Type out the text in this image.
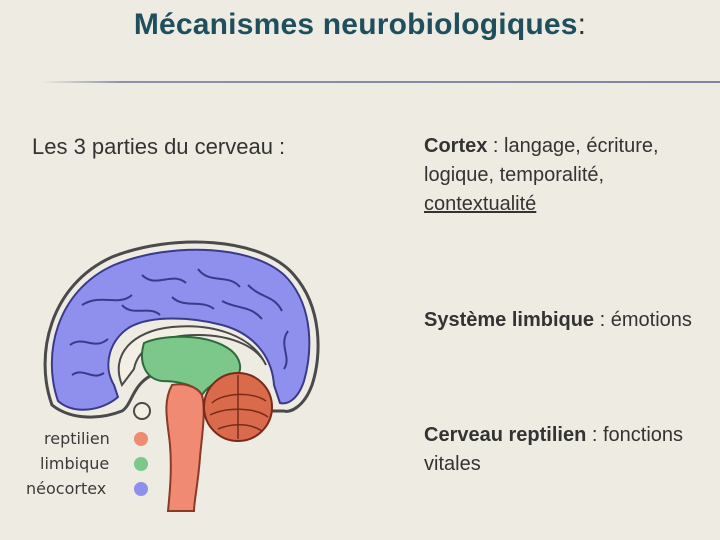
Mécanismes neurobiologiques:
Les 3 parties du cerveau :	Cortex : langage, écriture, logique, temporalité, contextualité
Système limbique : émotions
Cerveau reptilien : fonctions vitales
reptilien
limbique
néocortex
